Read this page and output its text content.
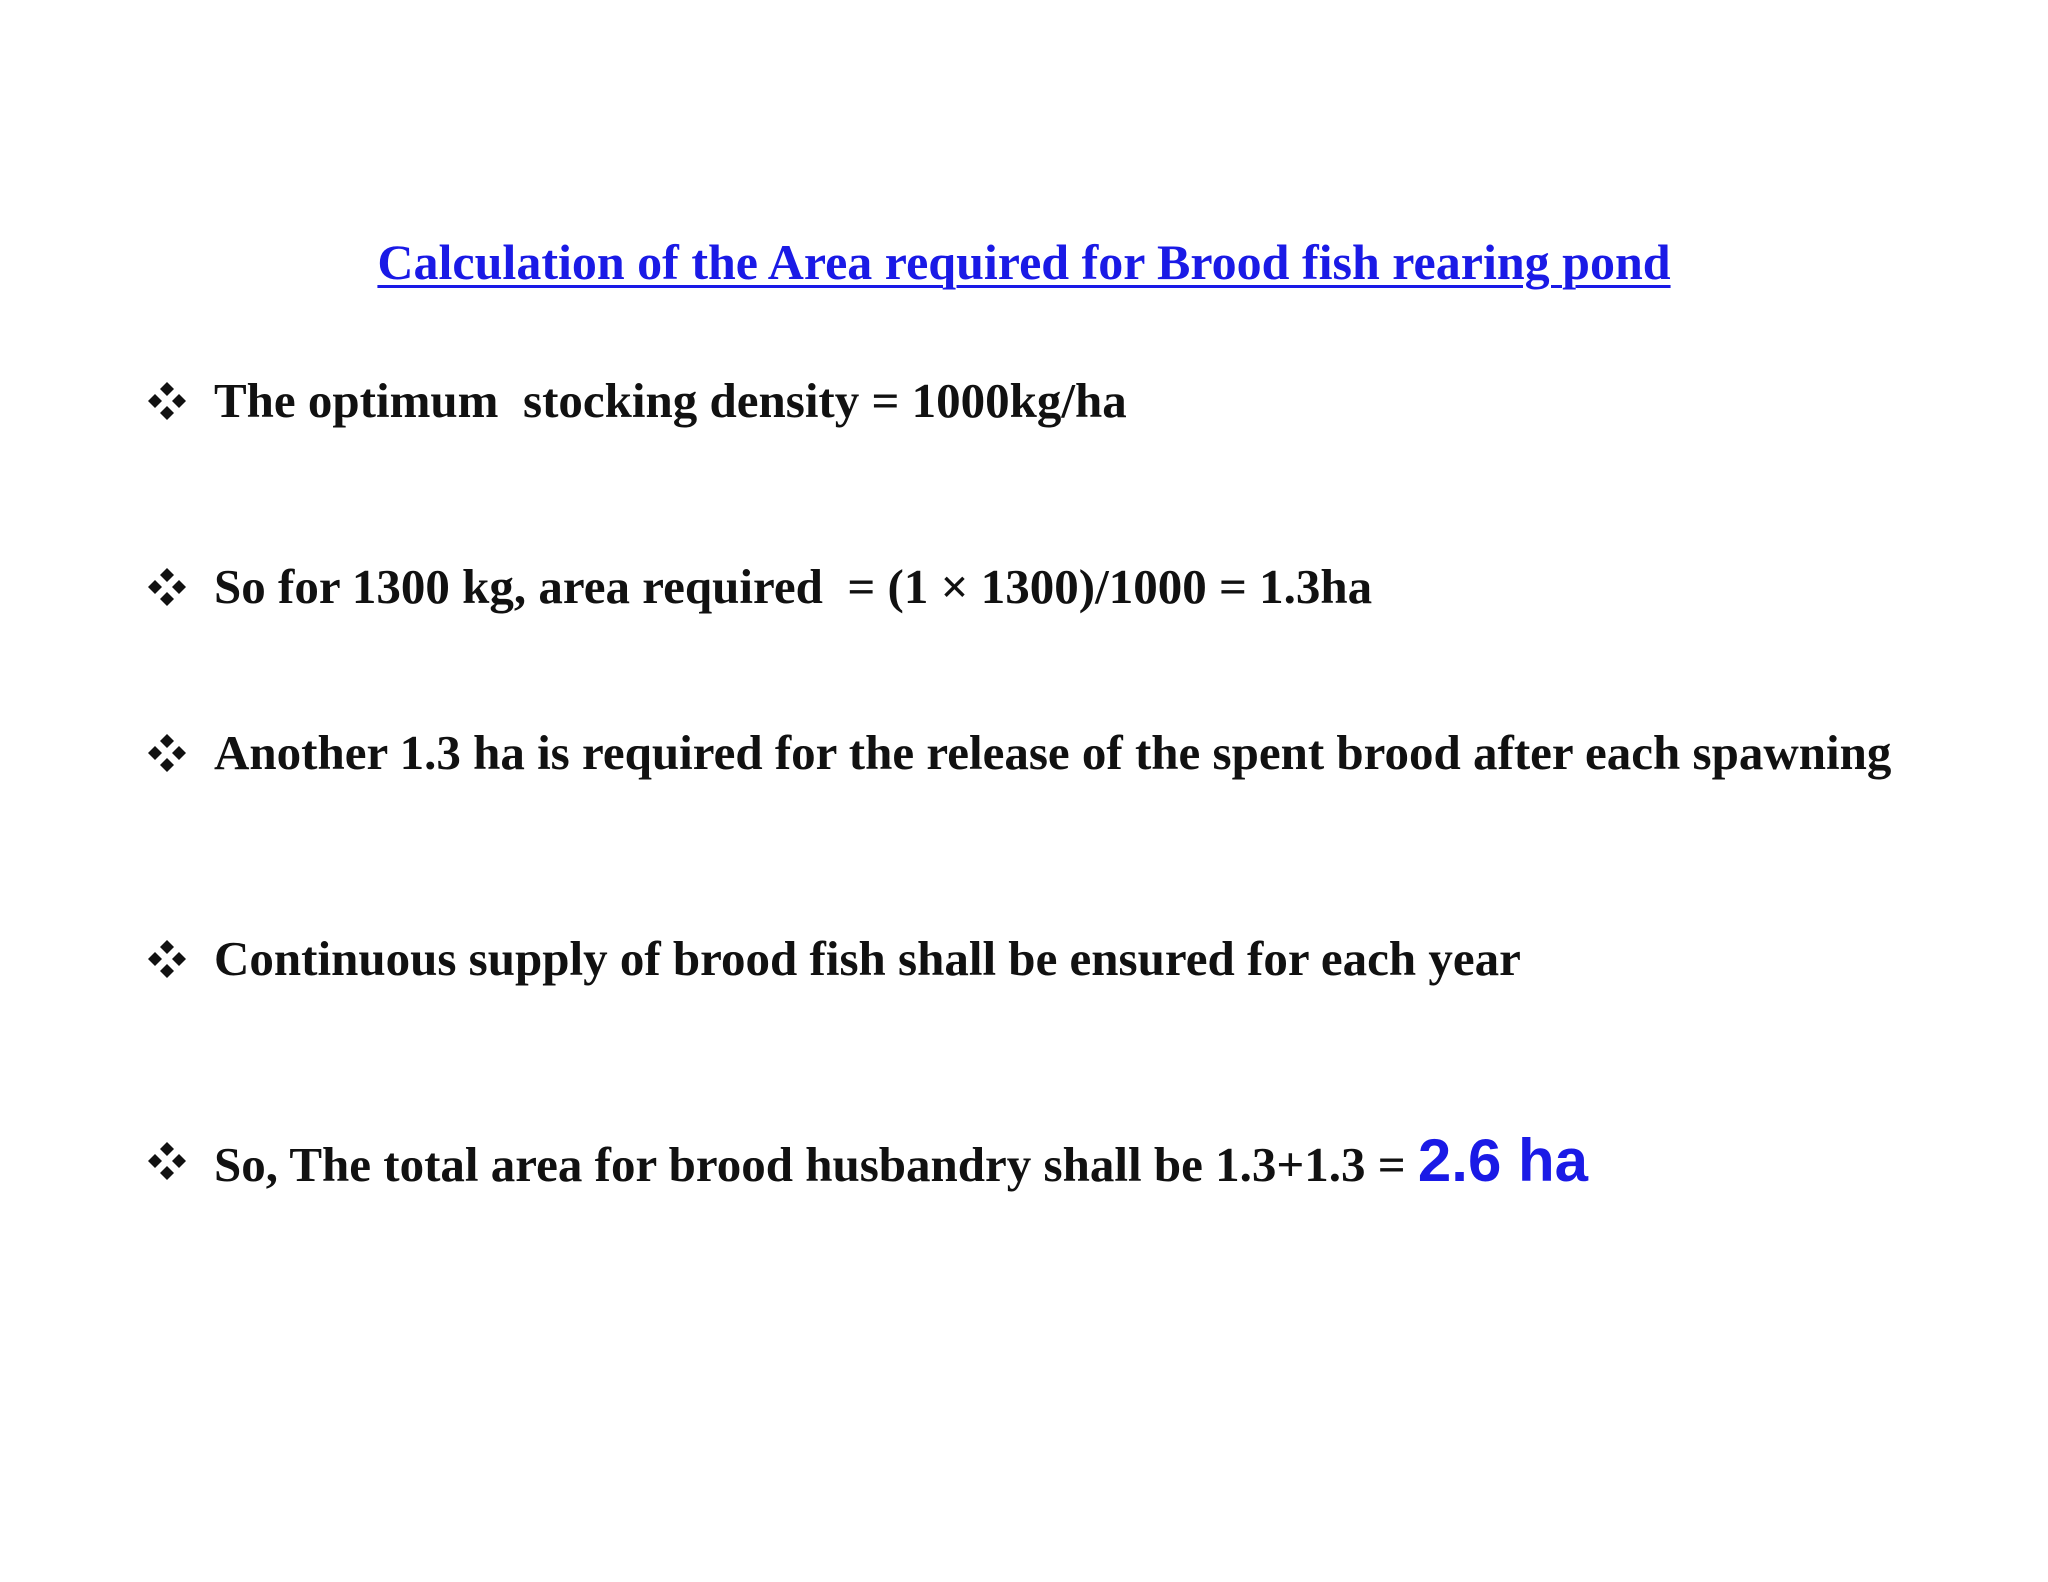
Calculation of the Area required for Brood fish rearing pond
The optimum  stocking density = 1000kg/ha
So for 1300 kg, area required  = (1 × 1300)/1000 = 1.3ha
Another 1.3 ha is required for the release of the spent brood after each spawning
Continuous supply of brood fish shall be ensured for each year
So, The total area for brood husbandry shall be 1.3+1.3 = 2.6 ha
